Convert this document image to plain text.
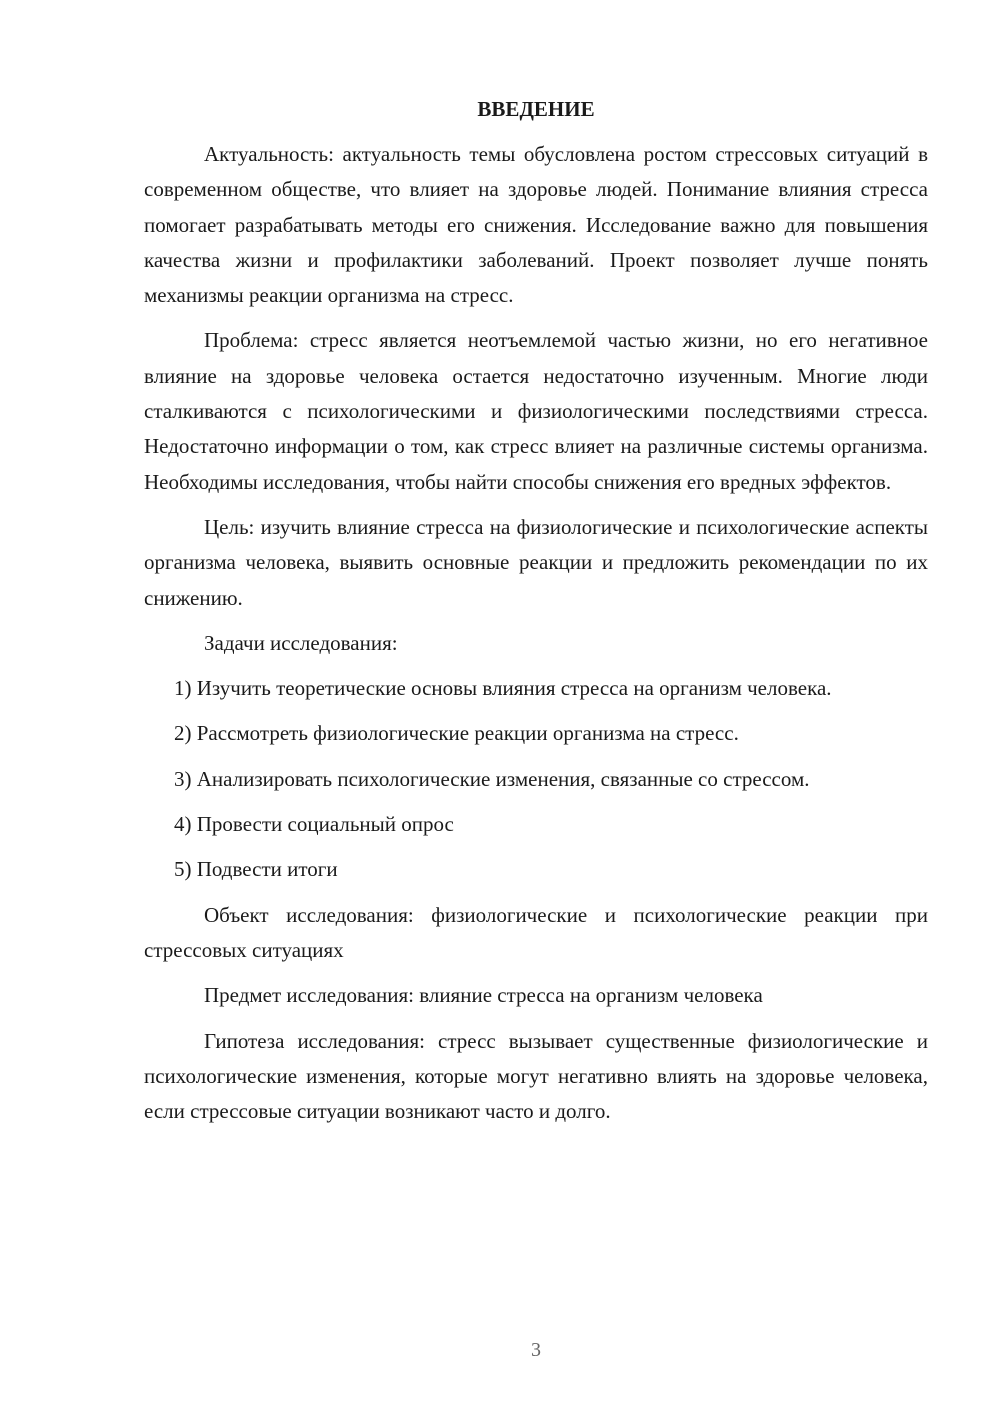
ВВЕДЕНИЕ

Актуальность: актуальность темы обусловлена ростом стрессовых ситуаций в современном обществе, что влияет на здоровье людей. Понимание влияния стресса помогает разрабатывать методы его снижения. Исследование важно для повышения качества жизни и профилактики заболеваний. Проект позволяет лучше понять механизмы реакции организма на стресс.

Проблема: стресс является неотъемлемой частью жизни, но его негативное влияние на здоровье человека остается недостаточно изученным. Многие люди сталкиваются с психологическими и физиологическими последствиями стресса. Недостаточно информации о том, как стресс влияет на различные системы организма. Необходимы исследования, чтобы найти способы снижения его вредных эффектов.

Цель: изучить влияние стресса на физиологические и психологические аспекты организма человека, выявить основные реакции и предложить рекомендации по их снижению.

Задачи исследования:

1) Изучить теоретические основы влияния стресса на организм человека.

2) Рассмотреть физиологические реакции организма на стресс.

3) Анализировать психологические изменения, связанные со стрессом.

4) Провести социальный опрос

5) Подвести итоги

Объект исследования: физиологические и психологические реакции при стрессовых ситуациях

Предмет исследования: влияние стресса на организм человека

Гипотеза исследования: стресс вызывает существенные физиологические и психологические изменения, которые могут негативно влиять на здоровье человека, если стрессовые ситуации возникают часто и долго.

3
